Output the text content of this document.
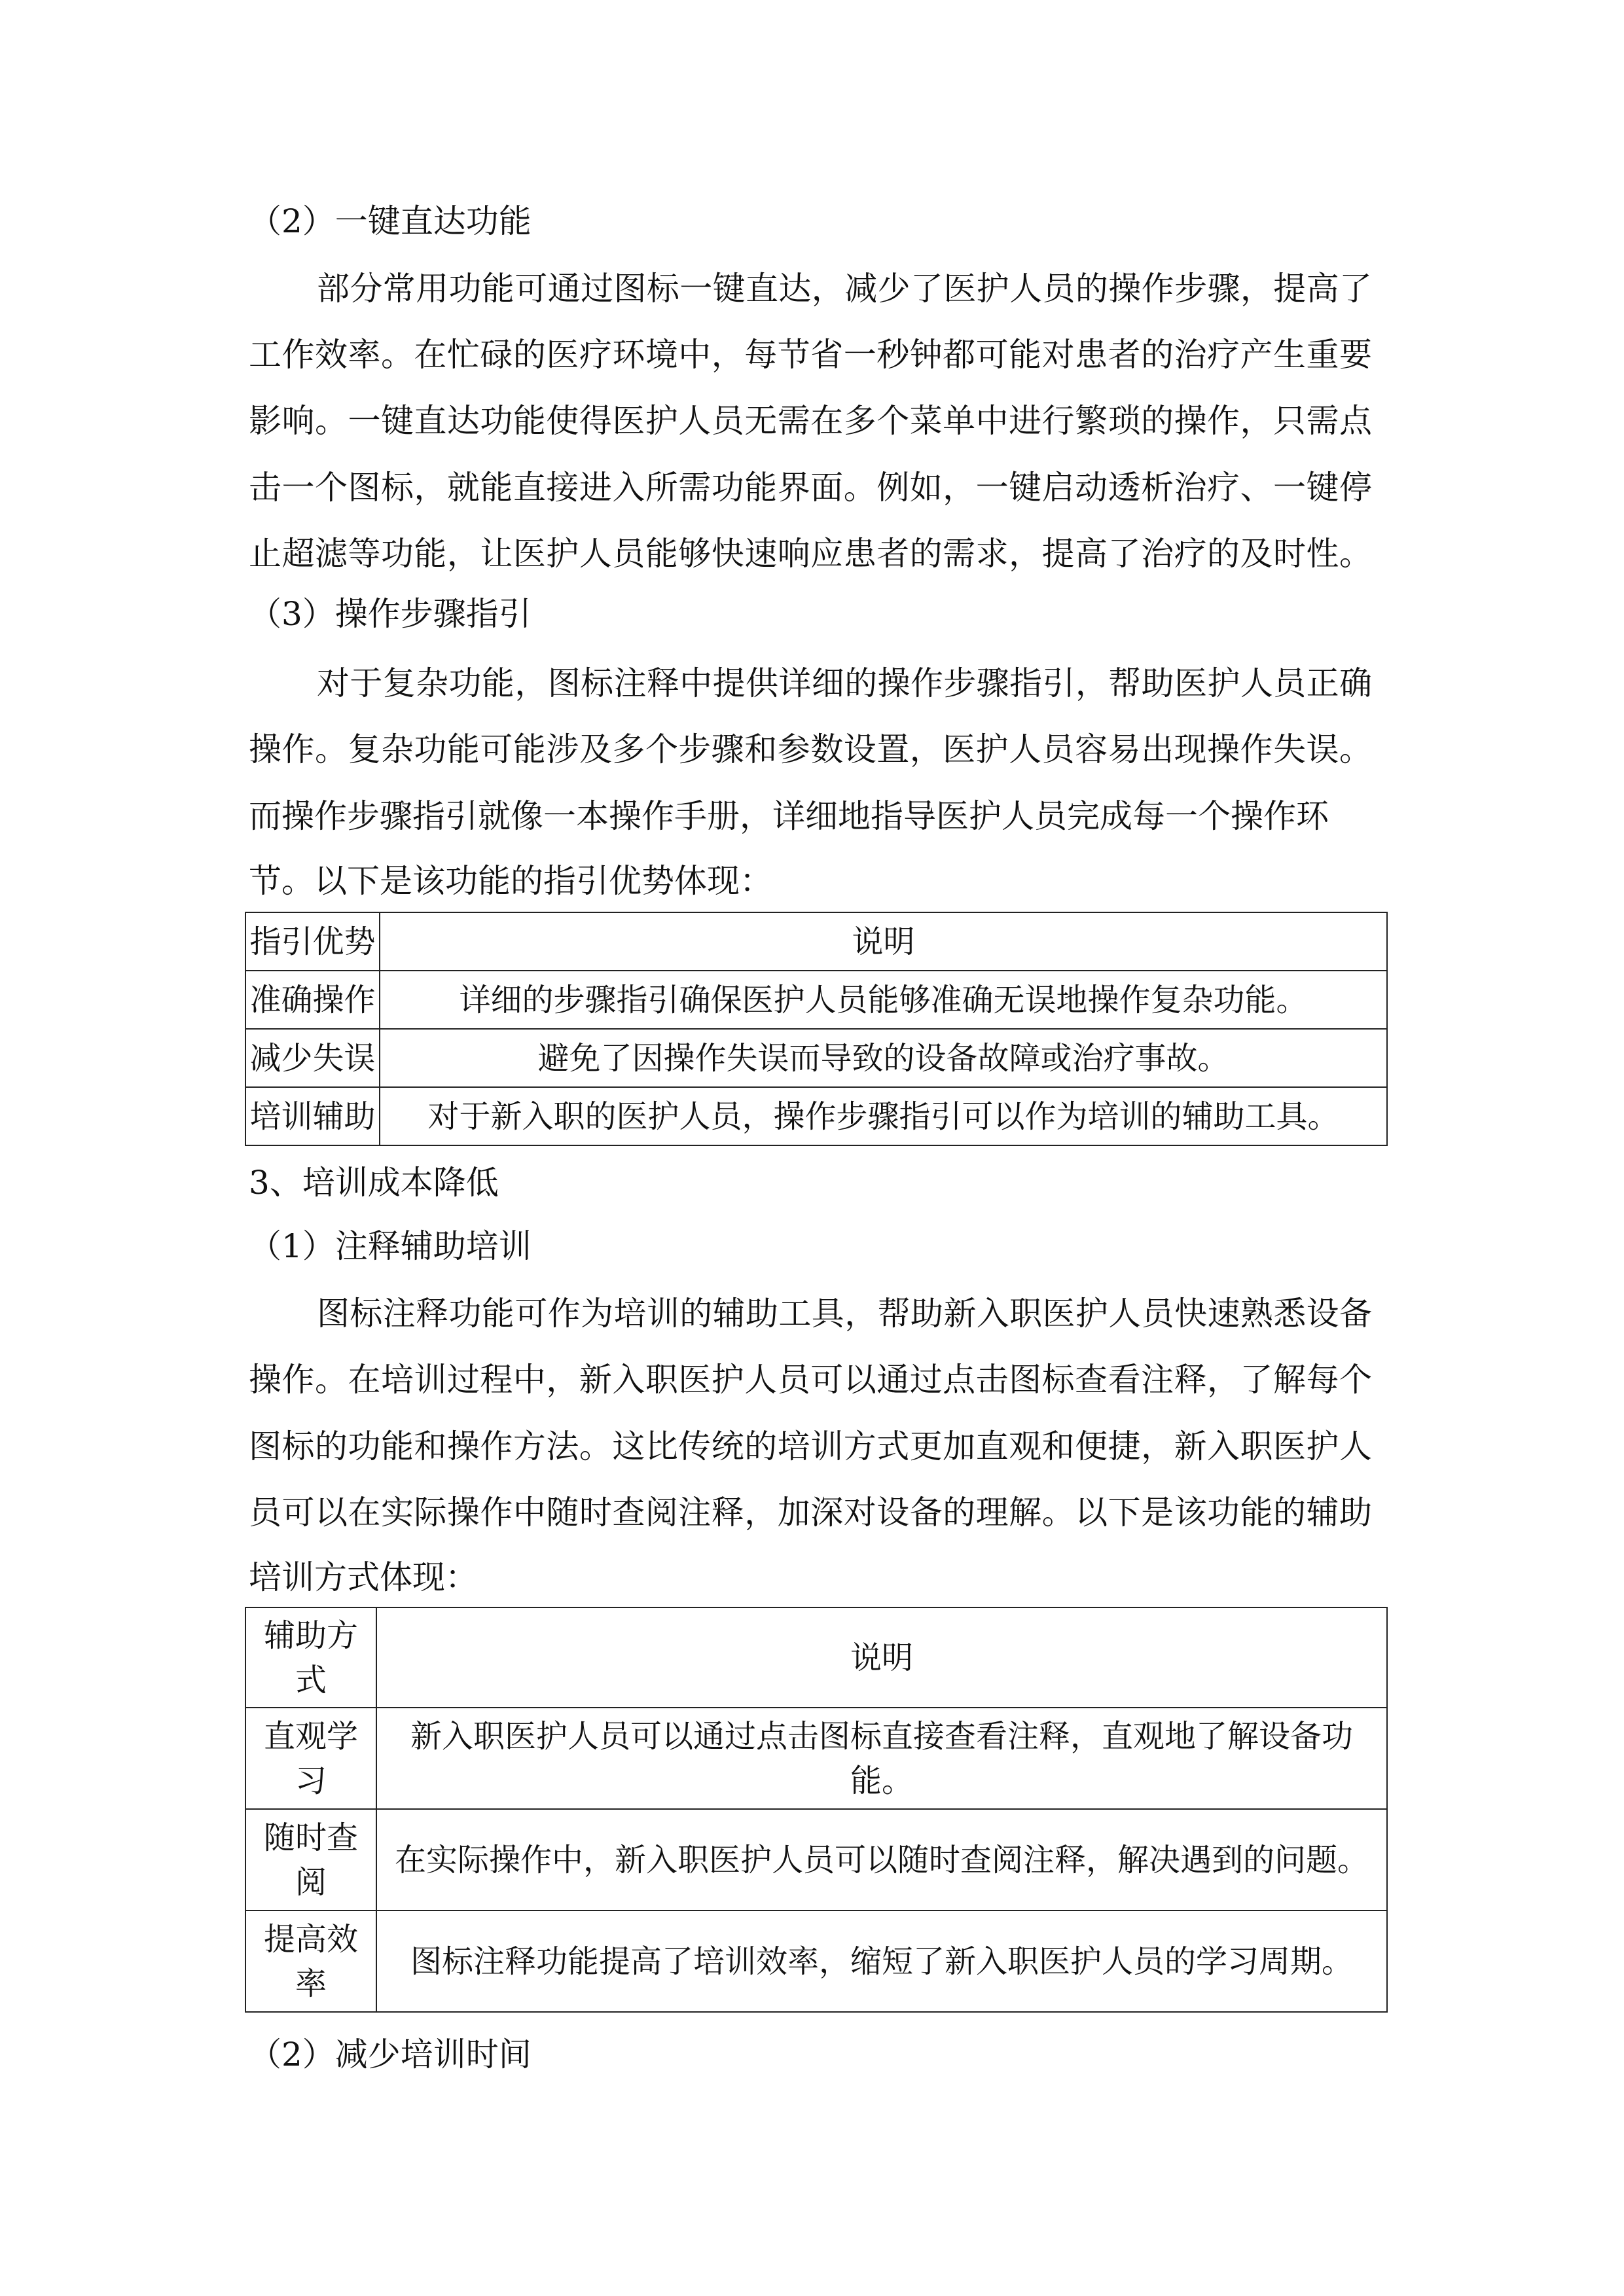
（2）一键直达功能
部分常用功能可通过图标一键直达，减少了医护人员的操作步骤，提高了
工作效率。在忙碌的医疗环境中，每节省一秒钟都可能对患者的治疗产生重要
影响。一键直达功能使得医护人员无需在多个菜单中进行繁琐的操作，只需点
击一个图标，就能直接进入所需功能界面。例如，一键启动透析治疗、一键停
止超滤等功能，让医护人员能够快速响应患者的需求，提高了治疗的及时性。
（3）操作步骤指引
对于复杂功能，图标注释中提供详细的操作步骤指引，帮助医护人员正确
操作。复杂功能可能涉及多个步骤和参数设置，医护人员容易出现操作失误。
而操作步骤指引就像一本操作手册，详细地指导医护人员完成每一个操作环
节。以下是该功能的指引优势体现：
指引优势	说明
准确操作	详细的步骤指引确保医护人员能够准确无误地操作复杂功能。
减少失误	避免了因操作失误而导致的设备故障或治疗事故。
培训辅助	对于新入职的医护人员，操作步骤指引可以作为培训的辅助工具。
3、培训成本降低
（1）注释辅助培训
图标注释功能可作为培训的辅助工具，帮助新入职医护人员快速熟悉设备
操作。在培训过程中，新入职医护人员可以通过点击图标查看注释，了解每个
图标的功能和操作方法。这比传统的培训方式更加直观和便捷，新入职医护人
员可以在实际操作中随时查阅注释，加深对设备的理解。以下是该功能的辅助
培训方式体现：
辅助方式	说明
直观学习	新入职医护人员可以通过点击图标直接查看注释，直观地了解设备功能。
随时查阅	在实际操作中，新入职医护人员可以随时查阅注释，解决遇到的问题。
提高效率	图标注释功能提高了培训效率，缩短了新入职医护人员的学习周期。
（2）减少培训时间
